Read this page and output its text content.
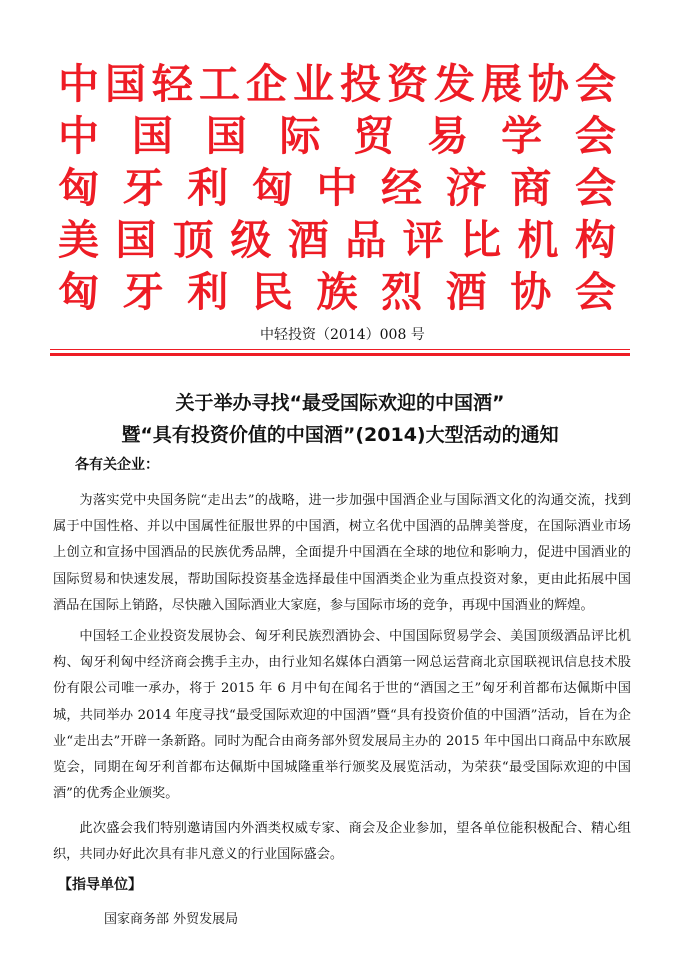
中 国 轻 工 企 业 投 资 发 展 协 会
中 国 国 际 贸 易 学 会
匈 牙 利 匈 中 经 济 商 会
美 国 顶 级 酒 品 评 比 机 构
匈 牙 利 民 族 烈 酒 协 会
中轻投资（2014）008 号
关于举办寻找“最受国际欢迎的中国酒”
暨“具有投资价值的中国酒”(2014)大型活动的通知
各有关企业：

为落实党中央国务院“走出去”的战略，进一步加强中国酒企业与国际酒文化的沟通交流，找到属于中国性格、并以中国属性征服世界的中国酒，树立名优中国酒的品牌美誉度，在国际酒业市场上创立和宣扬中国酒品的民族优秀品牌，全面提升中国酒在全球的地位和影响力，促进中国酒业的国际贸易和快速发展，帮助国际投资基金选择最佳中国酒类企业为重点投资对象，更由此拓展中国酒品在国际上销路，尽快融入国际酒业大家庭，参与国际市场的竞争，再现中国酒业的辉煌。

中国轻工企业投资发展协会、匈牙利民族烈酒协会、中国国际贸易学会、美国顶级酒品评比机构、匈牙利匈中经济商会携手主办，由行业知名媒体白酒第一网总运营商北京国联视讯信息技术股份有限公司唯一承办，将于 2015 年 6 月中旬在闻名于世的“酒国之王”匈牙利首都布达佩斯中国城，共同举办 2014 年度寻找“最受国际欢迎的中国酒”暨“具有投资价值的中国酒”活动，旨在为企业“走出去”开辟一条新路。同时为配合由商务部外贸发展局主办的 2015 年中国出口商品中东欧展览会，同期在匈牙利首都布达佩斯中国城隆重举行颁奖及展览活动，为荣获“最受国际欢迎的中国酒”的优秀企业颁奖。

此次盛会我们特别邀请国内外酒类权威专家、商会及企业参加，望各单位能积极配合、精心组织，共同办好此次具有非凡意义的行业国际盛会。

【指导单位】
国家商务部 外贸发展局
